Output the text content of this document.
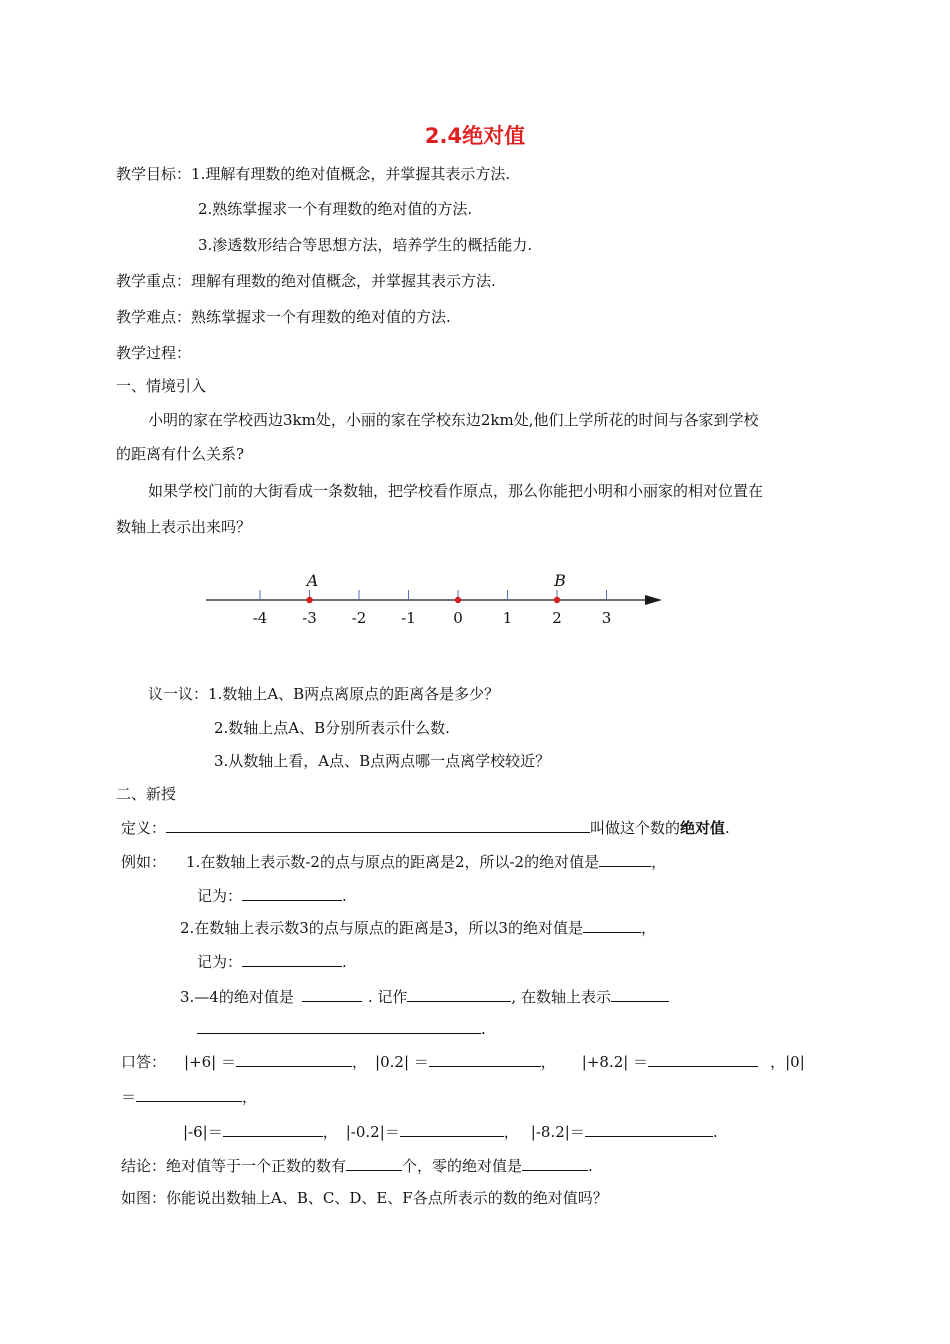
2.4绝对值
教学目标：1.理解有理数的绝对值概念，并掌握其表示方法.
2.熟练掌握求一个有理数的绝对值的方法.
3.渗透数形结合等思想方法，培养学生的概括能力.
教学重点：理解有理数的绝对值概念，并掌握其表示方法.
教学难点：熟练掌握求一个有理数的绝对值的方法.
教学过程：
一、情境引入
小明的家在学校西边3km处，小丽的家在学校东边2km处,他们上学所花的时间与各家到学校
的距离有什么关系?
如果学校门前的大街看成一条数轴，把学校看作原点，那么你能把小明和小丽家的相对位置在
数轴上表示出来吗？
-4 -3 -2 -1 0	1	2	3
A	B
议一议：1.数轴上A、B两点离原点的距离各是多少？
2.数轴上点A、B分别所表示什么数.
3.从数轴上看，A点、B点两点哪一点离学校较近？
二、新授
定义：	叫做这个数的绝对值.
例如： 1.在数轴上表示数-2的点与原点的距离是2，所以-2的绝对值是	，
记为：	.
2.在数轴上表示数3的点与原点的距离是3，所以3的绝对值是	，
记为：	.
3.—4的绝对值是	. 记作	, 在数轴上表示
.
口答： |+6| ＝	， |0.2| ＝	， |+8.2| ＝	，|0|
＝	，
|-6|＝	， |-0.2|＝	， |-8.2|＝	.
结论：绝对值等于一个正数的数有	个，零的绝对值是	.
如图：你能说出数轴上A、B、C、D、E、F各点所表示的数的绝对值吗？
